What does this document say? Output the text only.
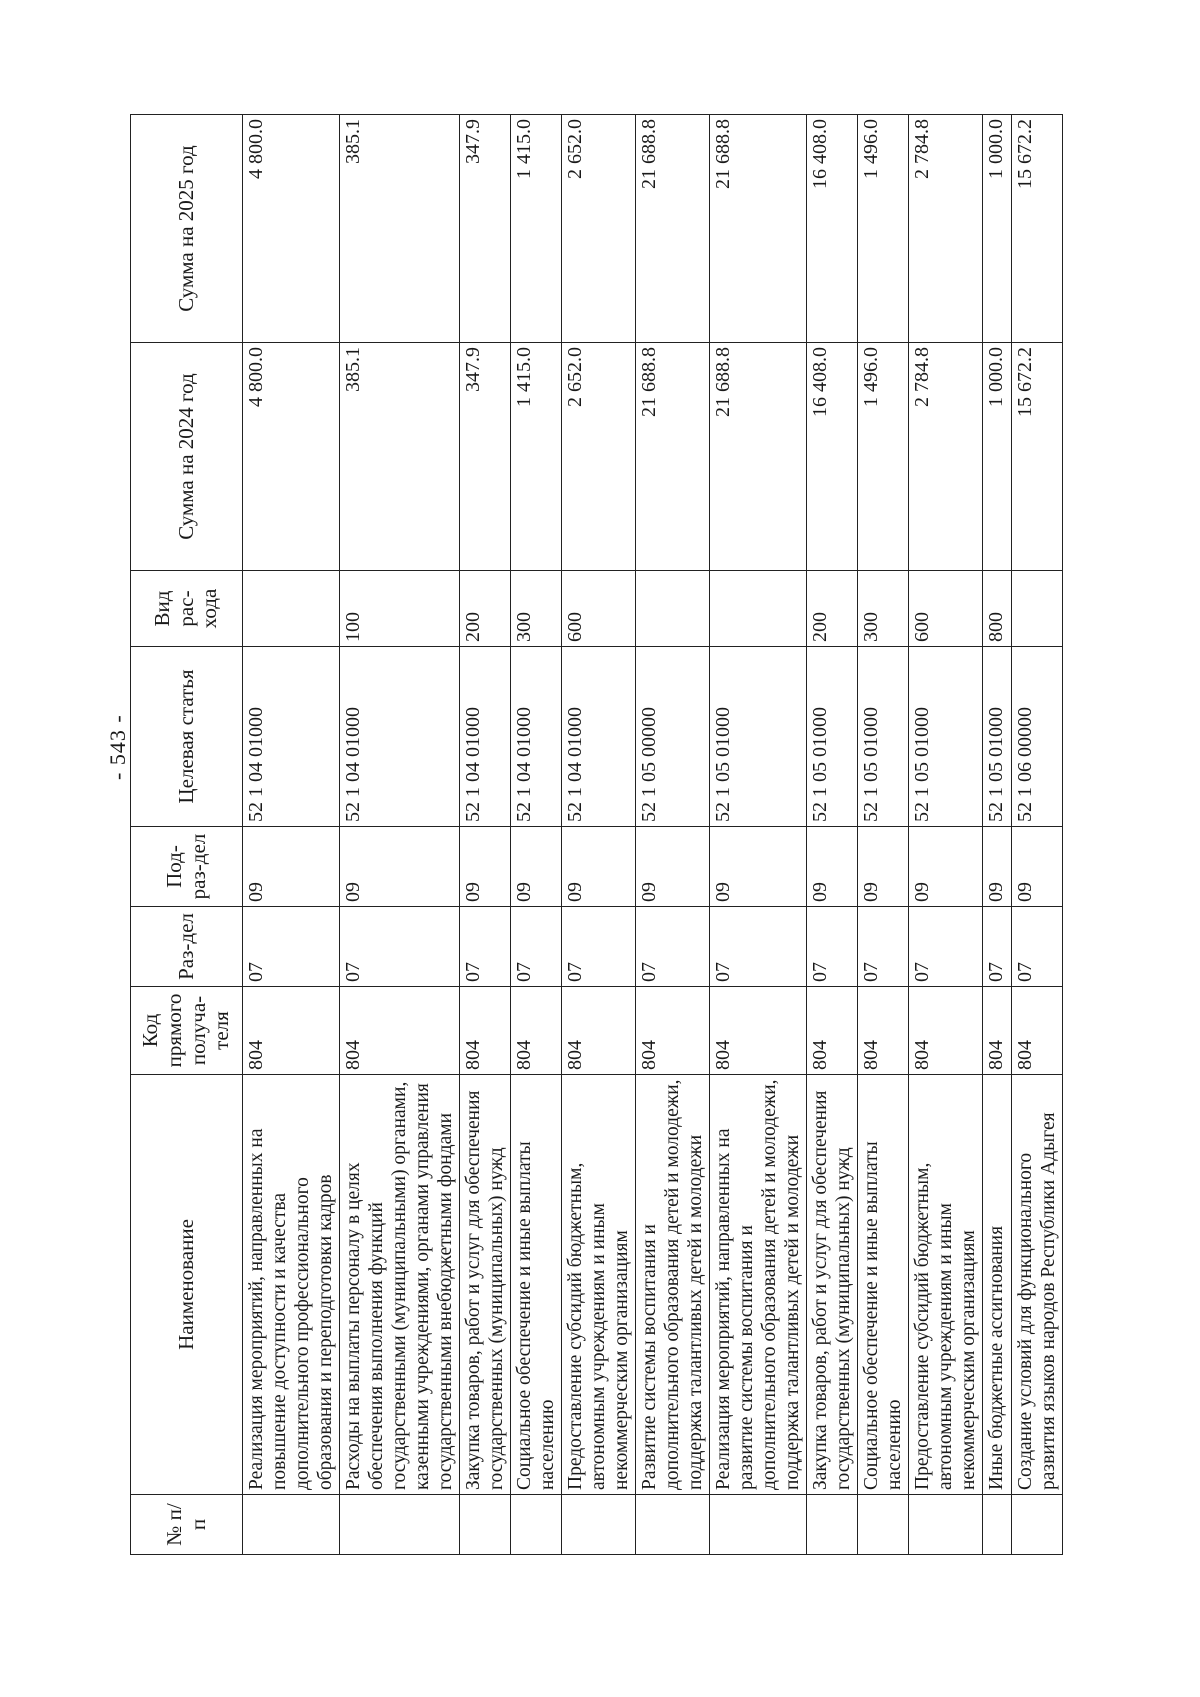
- 543 -
№ п/п	Наименование	Код прямого получа-теля	Раз-дел	Под-раз-дел	Целевая статья	Вид рас-хода	Сумма на 2024 год	Сумма на 2025 год
	Реализация мероприятий, направленных на повышение доступности и качества дополнительного профессионального образования и переподготовки кадров	804	07	09	52 1 04 01000		4 800.0	4 800.0
	Расходы на выплаты персоналу в целях обеспечения выполнения функций государственными (муниципальными) органами, казенными учреждениями, органами управления государственными внебюджетными фондами	804	07	09	52 1 04 01000	100	385.1	385.1
	Закупка товаров, работ и услуг для обеспечения государственных (муниципальных) нужд	804	07	09	52 1 04 01000	200	347.9	347.9
	Социальное обеспечение и иные выплаты населению	804	07	09	52 1 04 01000	300	1 415.0	1 415.0
	Предоставление субсидий бюджетным, автономным учреждениям и иным некоммерческим организациям	804	07	09	52 1 04 01000	600	2 652.0	2 652.0
	Развитие системы воспитания и дополнительного образования детей и молодежи, поддержка талантливых детей и молодежи	804	07	09	52 1 05 00000		21 688.8	21 688.8
	Реализация мероприятий, направленных на развитие системы воспитания и дополнительного образования детей и молодежи, поддержка талантливых детей и молодежи	804	07	09	52 1 05 01000		21 688.8	21 688.8
	Закупка товаров, работ и услуг для обеспечения государственных (муниципальных) нужд	804	07	09	52 1 05 01000	200	16 408.0	16 408.0
	Социальное обеспечение и иные выплаты населению	804	07	09	52 1 05 01000	300	1 496.0	1 496.0
	Предоставление субсидий бюджетным, автономным учреждениям и иным некоммерческим организациям	804	07	09	52 1 05 01000	600	2 784.8	2 784.8
	Иные бюджетные ассигнования	804	07	09	52 1 05 01000	800	1 000.0	1 000.0
	Создание условий для функционального развития языков народов Республики Адыгея	804	07	09	52 1 06 00000		15 672.2	15 672.2
